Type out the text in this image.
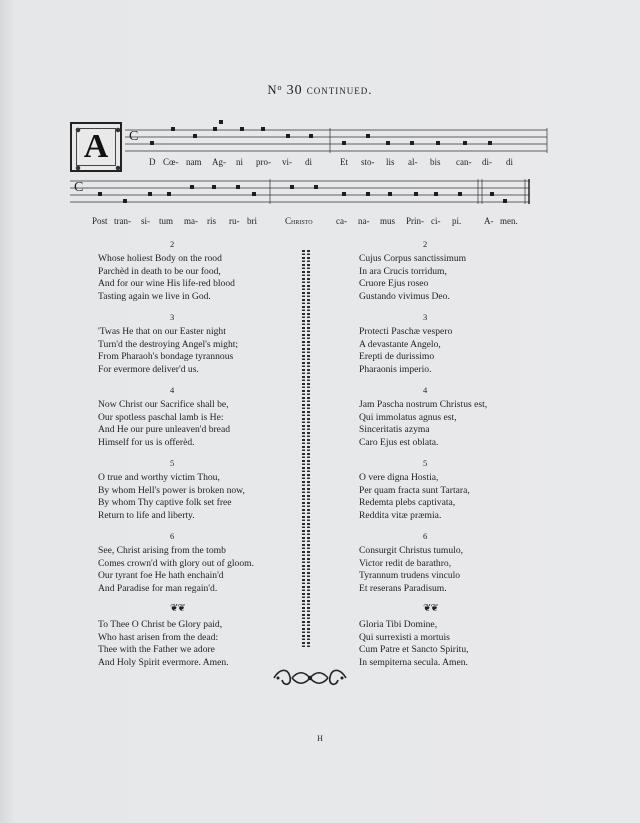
$N^o$ 30 continued.
A	C
C
D Cœ- nam Ag- ni pro- vi- di	Et sto- lis al- bis can- di- di
Post tran- si- tum ma- ris ru- bri	Christo	ca- na- mus Prin- ci- pi.	A- men.
2
Whose holiest Body on the rood
Parchèd in death to be our food,
And for our wine His life-red blood
Tasting again we live in God.
3
'Twas He that on our Easter night
Turn'd the destroying Angel's might;
From Pharaoh's bondage tyrannous
For evermore deliver'd us.
4
Now Christ our Sacrifice shall be,
Our spotless paschal lamb is He:
And He our pure unleaven'd bread
Himself for us is offerèd.
5
O true and worthy victim Thou,
By whom Hell's power is broken now,
By whom Thy captive folk set free
Return to life and liberty.
6
See, Christ arising from the tomb
Comes crown'd with glory out of gloom.
Our tyrant foe He hath enchain'd
And Paradise for man regain'd.
❦❦
To Thee O Christ be Glory paid,
Who hast arisen from the dead:
Thee with the Father we adore
And Holy Spirit evermore. Amen.
2
Cujus Corpus sanctissimum
In ara Crucis torridum,
Cruore Ejus roseo
Gustando vivimus Deo.
3
Protecti Paschæ vespero
A devastante Angelo,
Erepti de durissimo
Pharaonis imperio.
4
Jam Pascha nostrum Christus est,
Qui immolatus agnus est,
Sinceritatis azyma
Caro Ejus est oblata.
5
O vere digna Hostia,
Per quam fracta sunt Tartara,
Redemta plebs captivata,
Reddita vitæ præmia.
6
Consurgit Christus tumulo,
Victor redit de barathro,
Tyrannum trudens vinculo
Et reserans Paradisum.
❦❦
Gloria Tibi Domine,
Qui surrexisti a mortuis
Cum Patre et Sancto Spiritu,
In sempiterna secula. Amen.
H
